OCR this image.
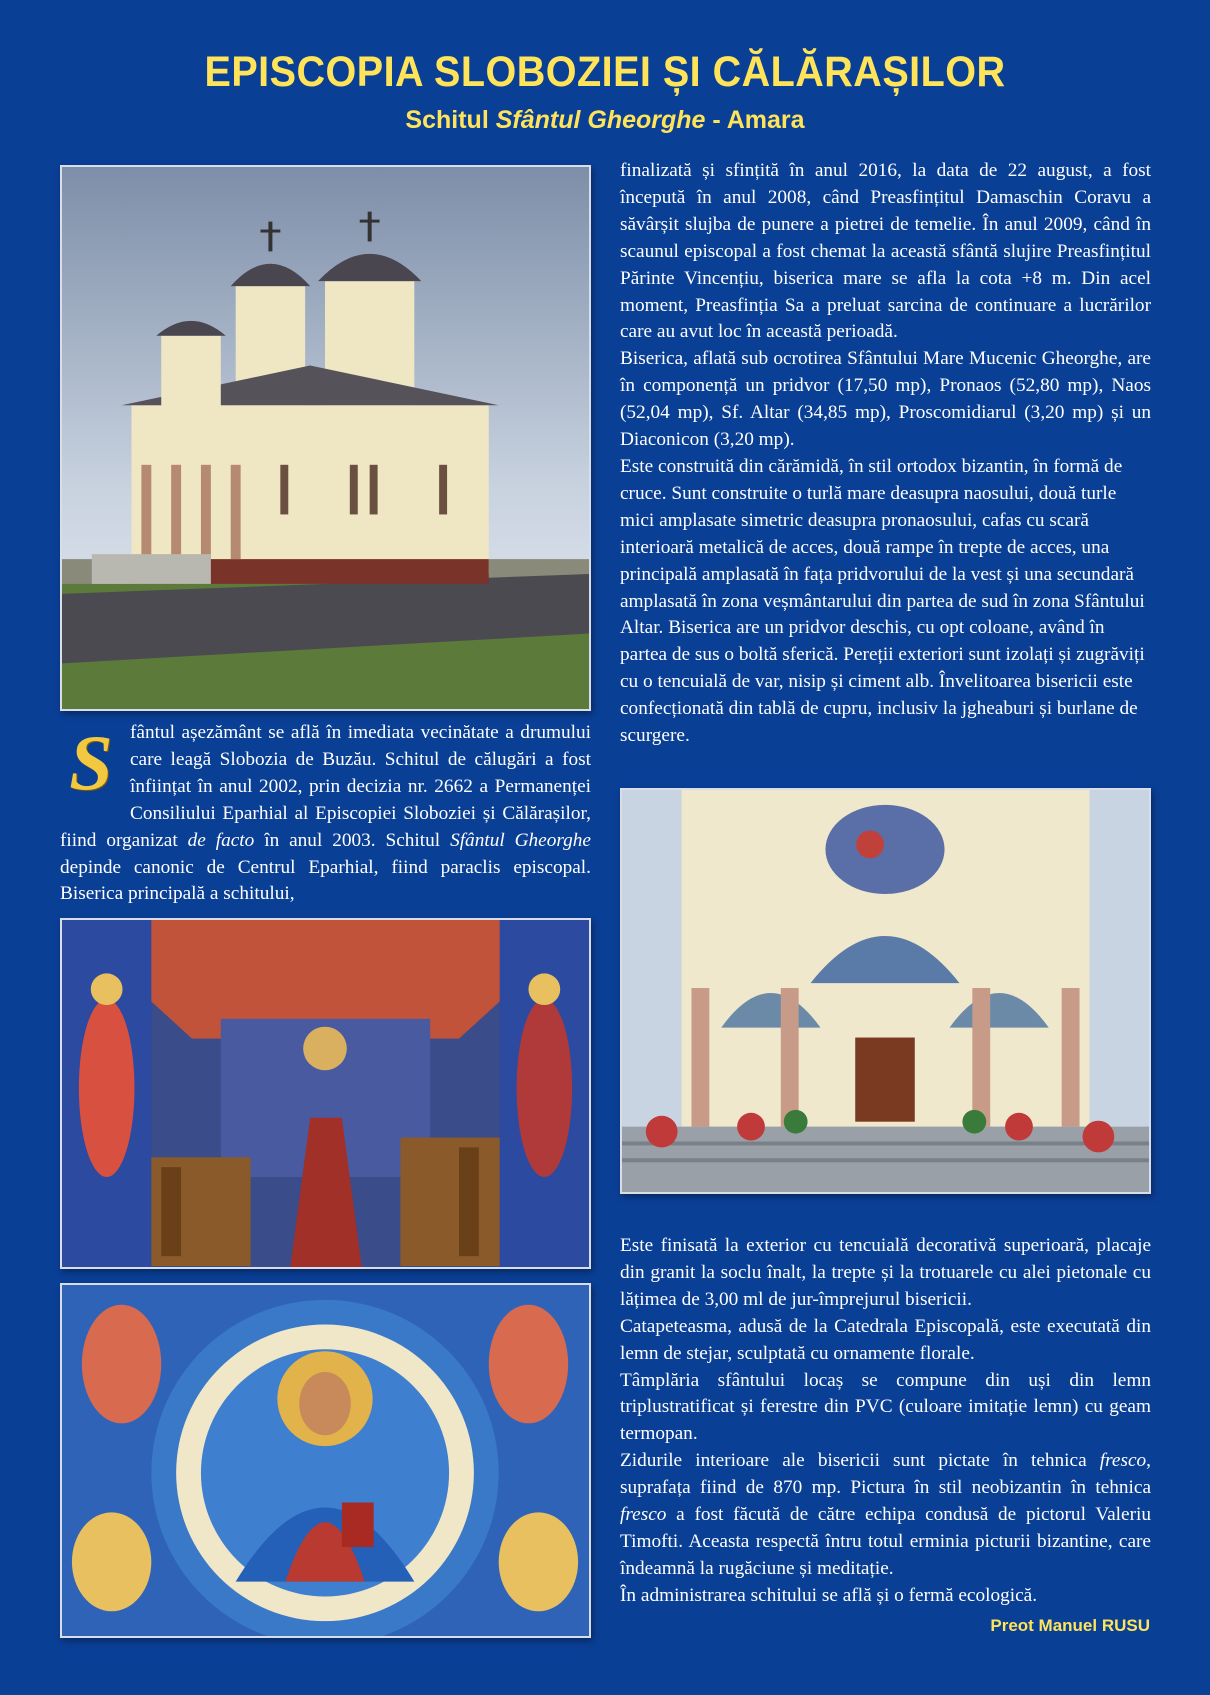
EPISCOPIA SLOBOZIEI ȘI CĂLĂRAȘILOR
Schitul Sfântul Gheorghe - Amara
Sfântul așezământ se află în imediata vecinătate a drumului care leagă Slobozia de Buzău. Schitul de călugări a fost înființat în anul 2002, prin decizia nr. 2662 a Permanenței Consiliului Eparhial al Episcopiei Sloboziei și Călărașilor, fiind organizat de facto în anul 2003. Schitul Sfântul Gheorghe depinde canonic de Centrul Eparhial, fiind paraclis episcopal. Biserica principală a schitului,

finalizată și sfințită în anul 2016, la data de 22 august, a fost începută în anul 2008, când Preasfințitul Damaschin Coravu a săvârșit slujba de punere a pietrei de temelie. În anul 2009, când în scaunul episcopal a fost chemat la această sfântă slujire Preasfințitul Părinte Vincențiu, biserica mare se afla la cota +8 m. Din acel moment, Preasfinția Sa a preluat sarcina de continuare a lucrărilor care au avut loc în această perioadă.

Biserica, aflată sub ocrotirea Sfântului Mare Mucenic Gheorghe, are în componență un pridvor (17,50 mp), Pronaos (52,80 mp), Naos (52,04 mp), Sf. Altar (34,85 mp), Proscomidiarul (3,20 mp) și un Diaconicon (3,20 mp).

Este construită din cărămidă, în stil ortodox bizantin, în formă de cruce. Sunt construite o turlă mare deasupra naosului, două turle mici amplasate simetric deasupra pronaosului, cafas cu scară interioară metalică de acces, două rampe în trepte de acces, una principală amplasată în fața pridvorului de la vest și una secundară amplasată în zona veșmântarului din partea de sud în zona Sfântului Altar. Biserica are un pridvor deschis, cu opt coloane, având în partea de sus o boltă sferică. Pereții exteriori sunt izolați și zugrăviți cu o tencuială de var, nisip și ciment alb. Învelitoarea bisericii este confecționată din tablă de cupru, inclusiv la jgheaburi și burlane de scurgere.

Este finisată la exterior cu tencuială decorativă superioară, placaje din granit la soclu înalt, la trepte și la trotuarele cu alei pietonale cu lățimea de 3,00 ml de jur-împrejurul bisericii.

Catapeteasma, adusă de la Catedrala Episcopală, este executată din lemn de stejar, sculptată cu ornamente florale.

Tâmplăria sfântului locaș se compune din uși din lemn triplustratificat și ferestre din PVC (culoare imitație lemn) cu geam termopan.

Zidurile interioare ale bisericii sunt pictate în tehnica fresco, suprafața fiind de 870 mp. Pictura în stil neobizantin în tehnica fresco a fost făcută de către echipa condusă de pictorul Valeriu Timofti. Aceasta respectă întru totul erminia picturii bizantine, care îndeamnă la rugăciune și meditație.

În administrarea schitului se află și o fermă ecologică.

Preot Manuel RUSU
